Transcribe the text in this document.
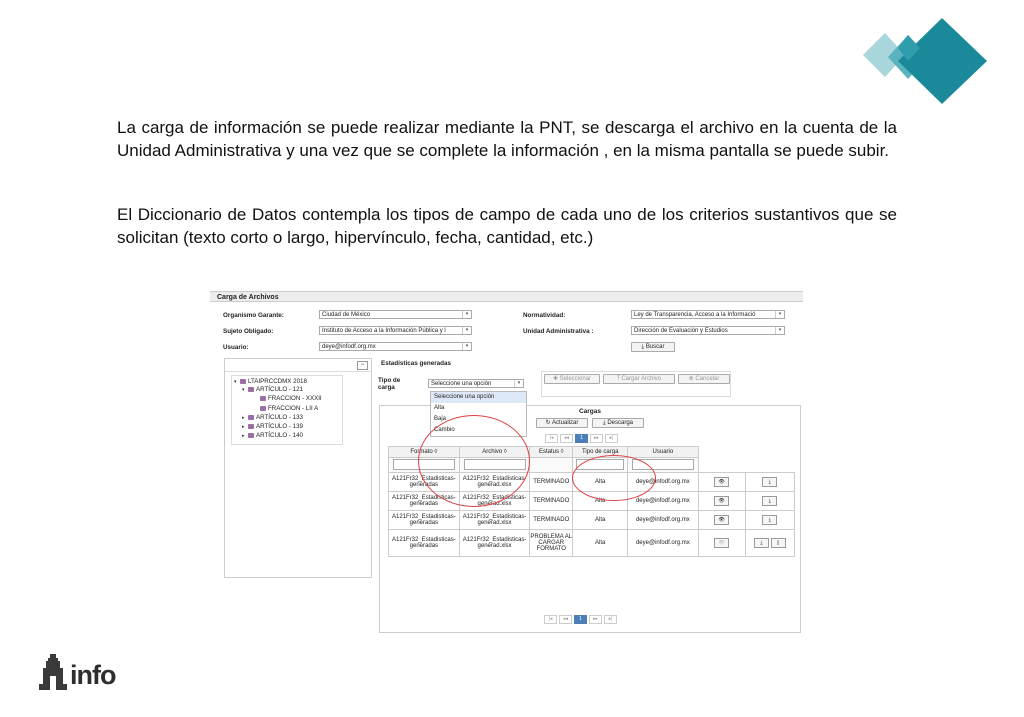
La carga de información se puede realizar mediante la PNT, se descarga el archivo en la cuenta de la Unidad Administrativa y una vez que se complete la información , en la misma pantalla se puede subir.

El Diccionario de Datos contempla los tipos de campo de cada uno de los criterios sustantivos que se solicitan (texto corto o largo, hipervínculo, fecha, cantidad, etc.)

Carga de Archivos
Organismo Garante:	Ciudad de México	▾
Sujeto Obligado:	Instituto de Acceso a la Información Pública y l	▾
Usuario:	deye@infodf.org.mx	▾
Normatividad:	Ley de Transparencia, Acceso a la Informació	▾
Unidad Administrativa :	Dirección de Evaluación y Estudios	▾
⤓ Buscar
−
▾ LTAIPRCCDMX 2018
▾ ARTÍCULO - 121
FRACCION - XXXII
FRACCION - LII A
▸ ARTÍCULO - 133
▸ ARTÍCULO - 139
▸ ARTÍCULO - 140
Estadísticas generadas
Tipo de carga	Seleccione una opción	▾
✚ Seleccionar	⤒ Cargar Archivo	⊗ Cancelar
Cargas
↻ Actualizar	⤓ Descarga
|◂ ◂◂ 1 ▸▸ ▸|
Formato ◊	Archivo ◊	Estatus ◊	Tipo de carga	Usuario		

A121Fr32_Estadisticas-generadas	A121Fr32_Estadisticas-generad.xlsx	TERMINADO	Alta	deye@infodf.org.mx	👁	⤓
A121Fr32_Estadisticas-generadas	A121Fr32_Estadisticas-generad.xlsx	TERMINADO	Alta	deye@infodf.org.mx	👁	⤓
A121Fr32_Estadisticas-generadas	A121Fr32_Estadisticas-generad.xlsx	TERMINADO	Alta	deye@infodf.org.mx	👁	⤓
A121Fr32_Estadisticas-generadas	A121Fr32_Estadisticas-generad.xlsx	PROBLEMA AL CARGAR FORMATO	Alta	deye@infodf.org.mx	👁	⤓ ▯
|◂ ◂◂ 1 ▸▸ ▸|
Seleccione una opción
Alta
Baja
Cambio
info
